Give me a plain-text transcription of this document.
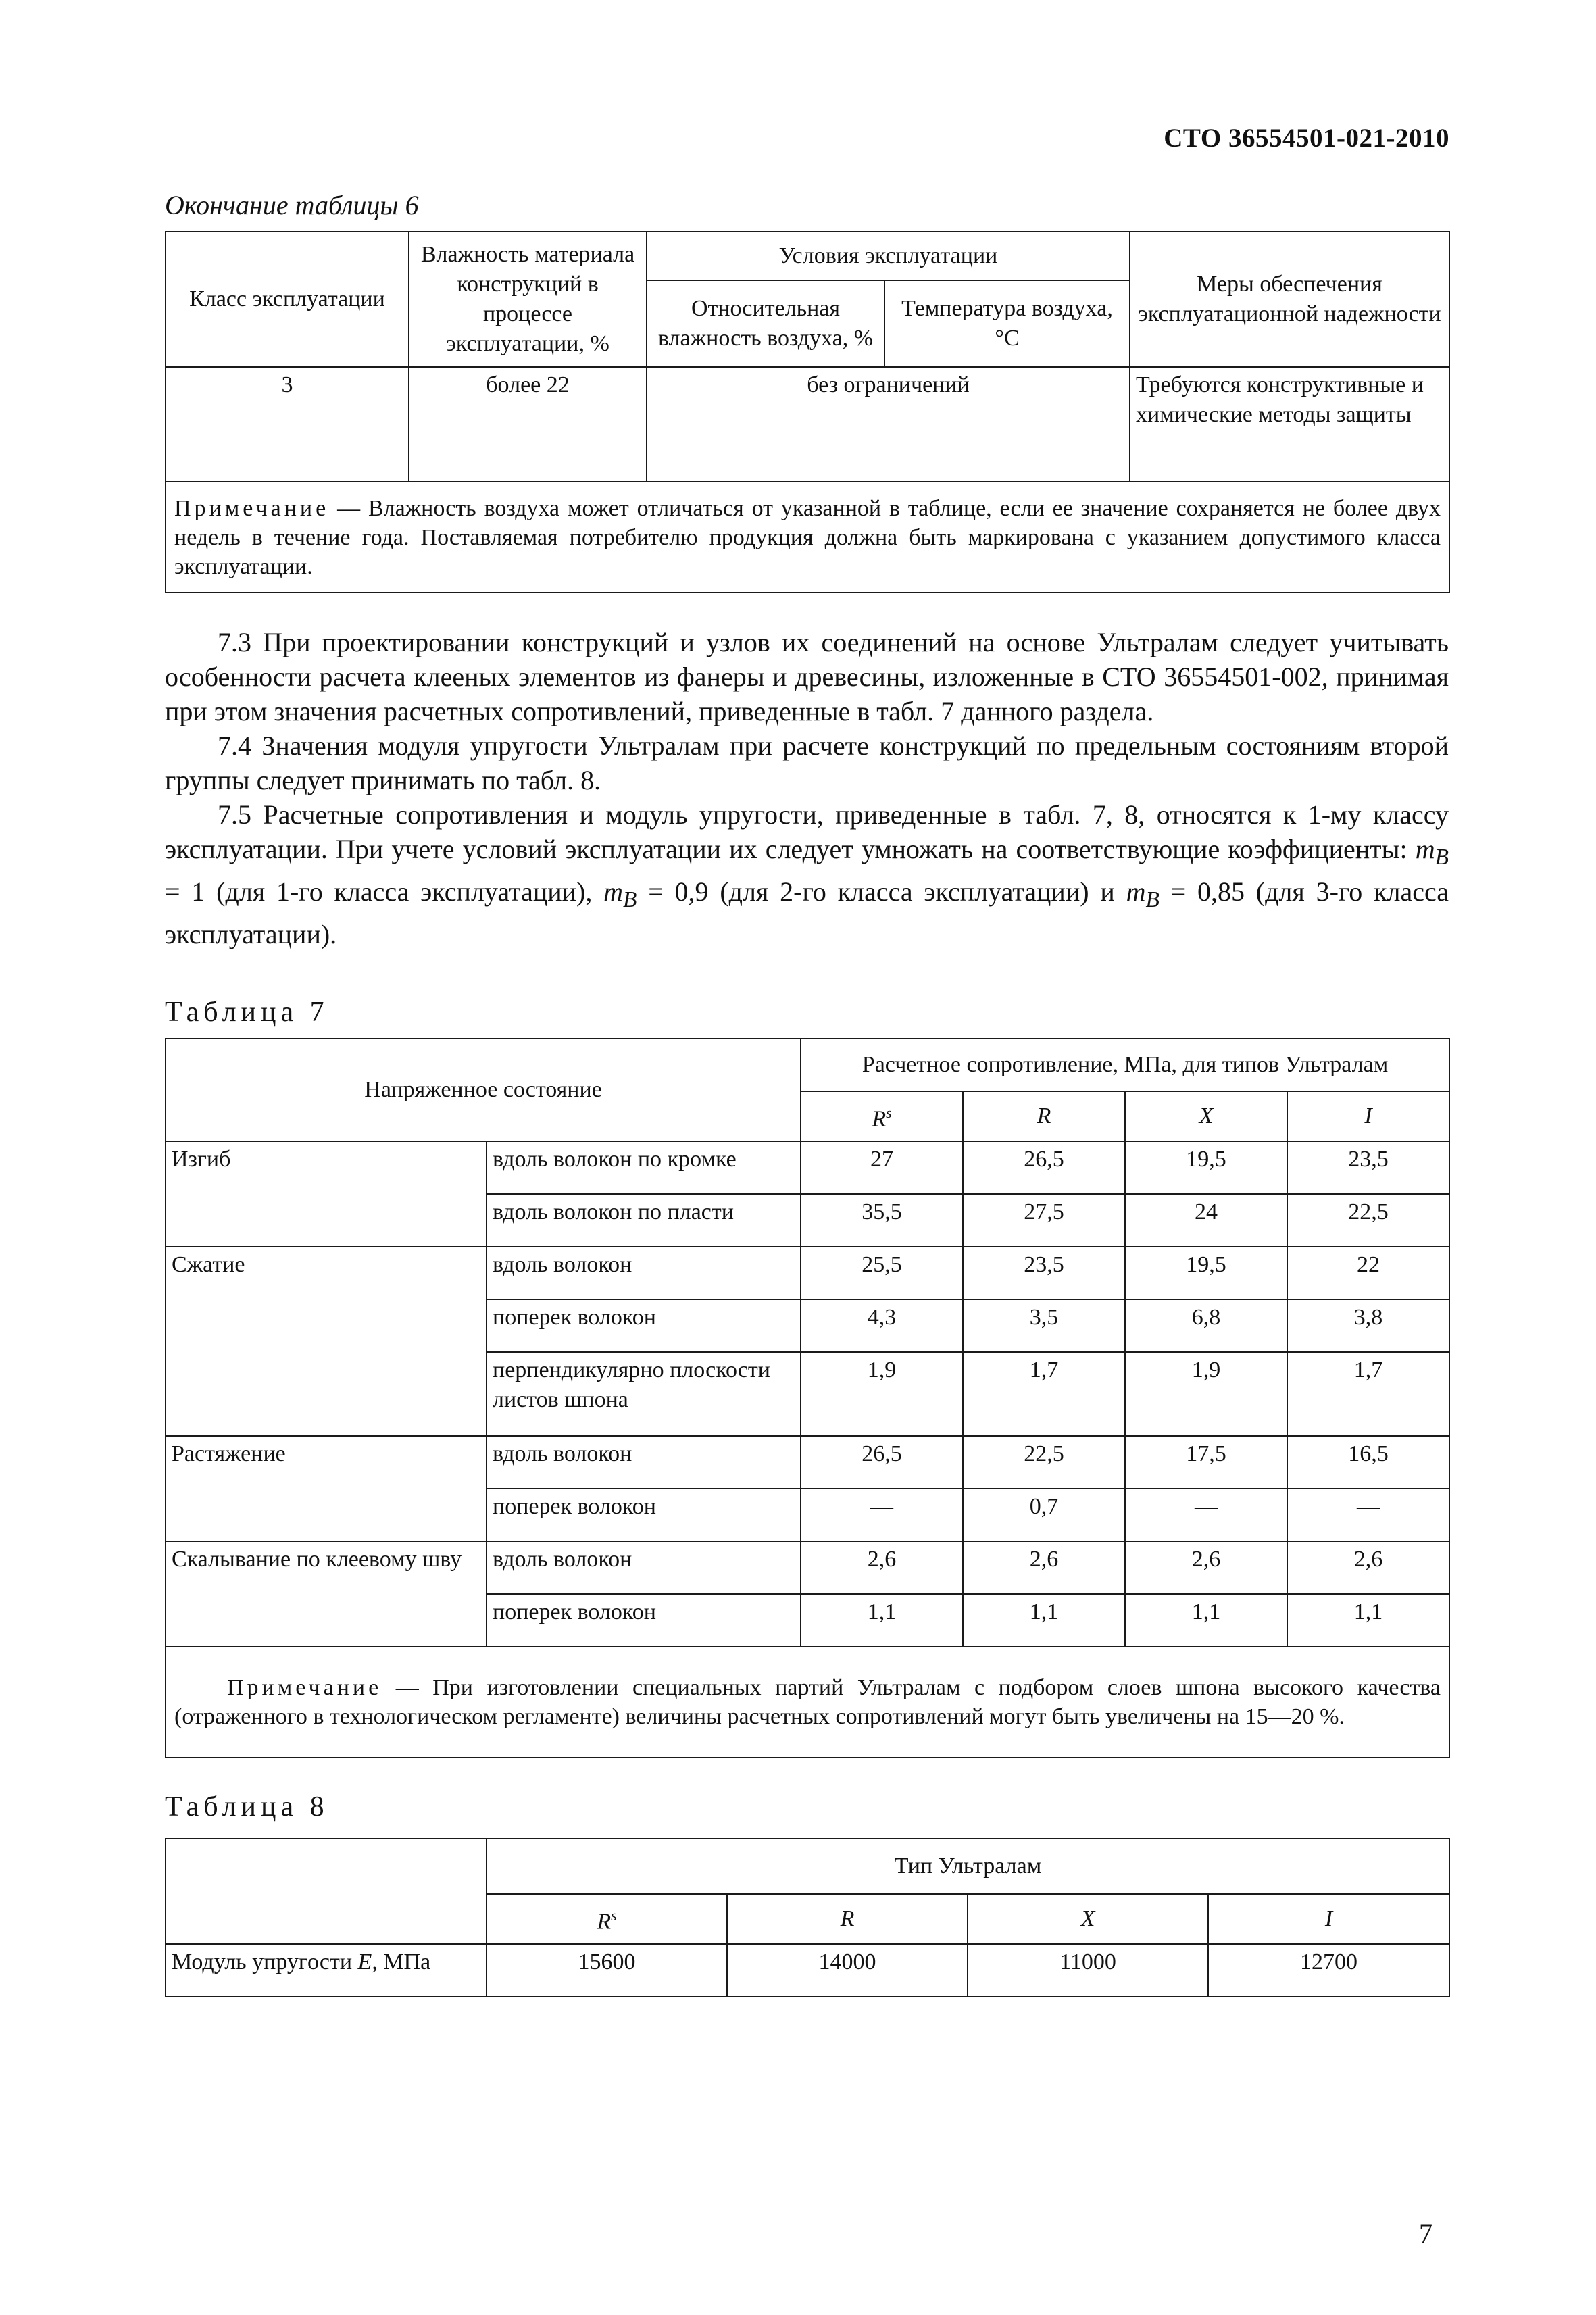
СТО 36554501-021-2010
Окончание таблицы 6
Класс эксплуатации	Влажность материала конструкций в процессе эксплуатации, %	Условия эксплуатации		Меры обеспечения эксплуатационной надежности
		Относительная влажность воздуха, %	Температура воздуха, °С	
3	более 22	без ограничений		Требуются конструктивные и химические методы защиты
Примечание — Влажность воздуха может отличаться от указанной в таблице, если ее значение сохраняется не более двух недель в течение года. Поставляемая потребителю продукция должна быть маркирована с указанием допустимого класса эксплуатации.				

7.3 При проектировании конструкций и узлов их соединений на основе Ультралам следует учитывать особенности расчета клееных элементов из фанеры и древесины, изложенные в СТО 36554501-002, принимая при этом значения расчетных сопротивлений, приведенные в табл. 7 данного раздела.

7.4 Значения модуля упругости Ультралам при расчете конструкций по предельным состояниям второй группы следует принимать по табл. 8.

7.5 Расчетные сопротивления и модуль упругости, приведенные в табл. 7, 8, относятся к 1-му классу эксплуатации. При учете условий эксплуатации их следует умножать на соответствующие коэффициенты: $m_B = 1$ (для 1-го класса эксплуатации), $m_B = 0,9$ (для 2-го класса эксплуатации) и $m_B = 0,85$ (для 3-го класса эксплуатации).

Таблица 7
Напряженное состояние		Расчетное сопротивление, МПа, для типов Ультралам			
		$R^s$	R	X	I
Изгиб	вдоль волокон по кромке	27	26,5	19,5	23,5
	вдоль волокон по пласти	35,5	27,5	24	22,5
Сжатие	вдоль волокон	25,5	23,5	19,5	22
	поперек волокон	4,3	3,5	6,8	3,8
	перпендикулярно плоскости листов шпона	1,9	1,7	1,9	1,7
Растяжение	вдоль волокон	26,5	22,5	17,5	16,5
	поперек волокон	—	0,7	—	—
Скалывание по клеевому шву	вдоль волокон	2,6	2,6	2,6	2,6
	поперек волокон	1,1	1,1	1,1	1,1
Примечание — При изготовлении специальных партий Ультралам с подбором слоев шпона высокого качества (отраженного в технологическом регламенте) величины расчетных сопротивлений могут быть увеличены на 15—20 %.					
Таблица 8
	Тип Ультралам			
	$R^s$	R	X	I
Модуль упругости E, МПа	15600	14000	11000	12700
7
